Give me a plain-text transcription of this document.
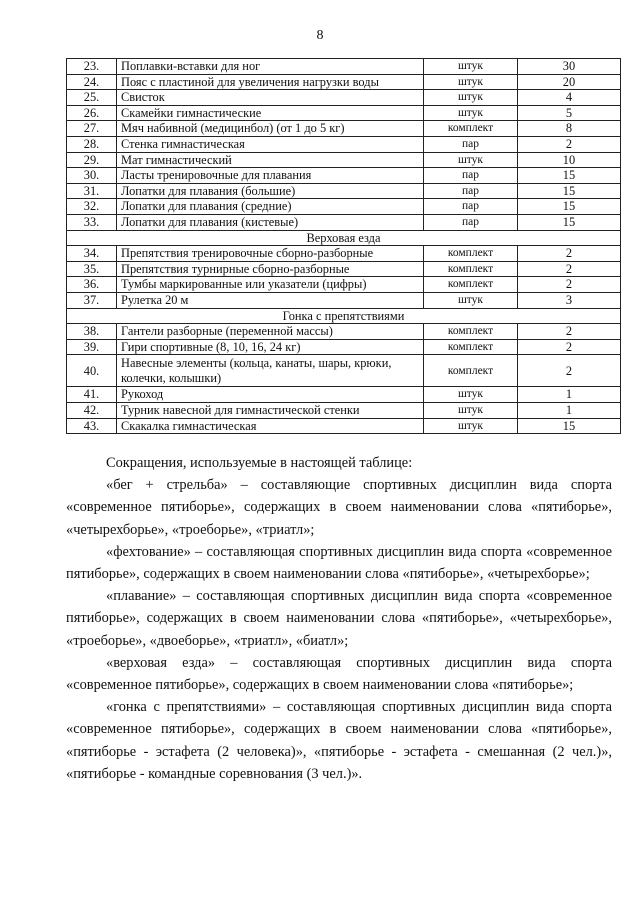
8
23.	Поплавки-вставки для ног	штук	30
24.	Пояс с пластиной для увеличения нагрузки воды	штук	20
25.	Свисток	штук	4
26.	Скамейки гимнастические	штук	5
27.	Мяч набивной (медицинбол) (от 1 до 5 кг)	комплект	8
28.	Стенка гимнастическая	пар	2
29.	Мат гимнастический	штук	10
30.	Ласты тренировочные для плавания	пар	15
31.	Лопатки для плавания (большие)	пар	15
32.	Лопатки для плавания (средние)	пар	15
33.	Лопатки для плавания (кистевые)	пар	15
Верховая езда			
34.	Препятствия тренировочные сборно-разборные	комплект	2
35.	Препятствия турнирные сборно-разборные	комплект	2
36.	Тумбы маркированные или указатели (цифры)	комплект	2
37.	Рулетка 20 м	штук	3
Гонка с препятствиями			
38.	Гантели разборные (переменной массы)	комплект	2
39.	Гири спортивные (8, 10, 16, 24 кг)	комплект	2
40.	Навесные элементы (кольца, канаты, шары, крюки, колечки, колышки)	комплект	2
41.	Рукоход	штук	1
42.	Турник навесной для гимнастической стенки	штук	1
43.	Скакалка гимнастическая	штук	15

Сокращения, используемые в настоящей таблице:

«бег + стрельба» – составляющие спортивных дисциплин вида спорта «современное пятиборье», содержащих в своем наименовании слова «пятиборье», «четырехборье», «троеборье», «триатл»;

«фехтование» – составляющая спортивных дисциплин вида спорта «современное пятиборье», содержащих в своем наименовании слова «пятиборье», «четырехборье»;

«плавание» – составляющая спортивных дисциплин вида спорта «современное пятиборье», содержащих в своем наименовании слова «пятиборье», «четырехборье», «троеборье», «двоеборье», «триатл», «биатл»;

«верховая езда» – составляющая спортивных дисциплин вида спорта «современное пятиборье», содержащих в своем наименовании слова «пятиборье»;

«гонка с препятствиями» – составляющая спортивных дисциплин вида спорта «современное пятиборье», содержащих в своем наименовании слова «пятиборье», «пятиборье - эстафета (2 человека)», «пятиборье - эстафета - смешанная (2 чел.)», «пятиборье - командные соревнования (3 чел.)».
